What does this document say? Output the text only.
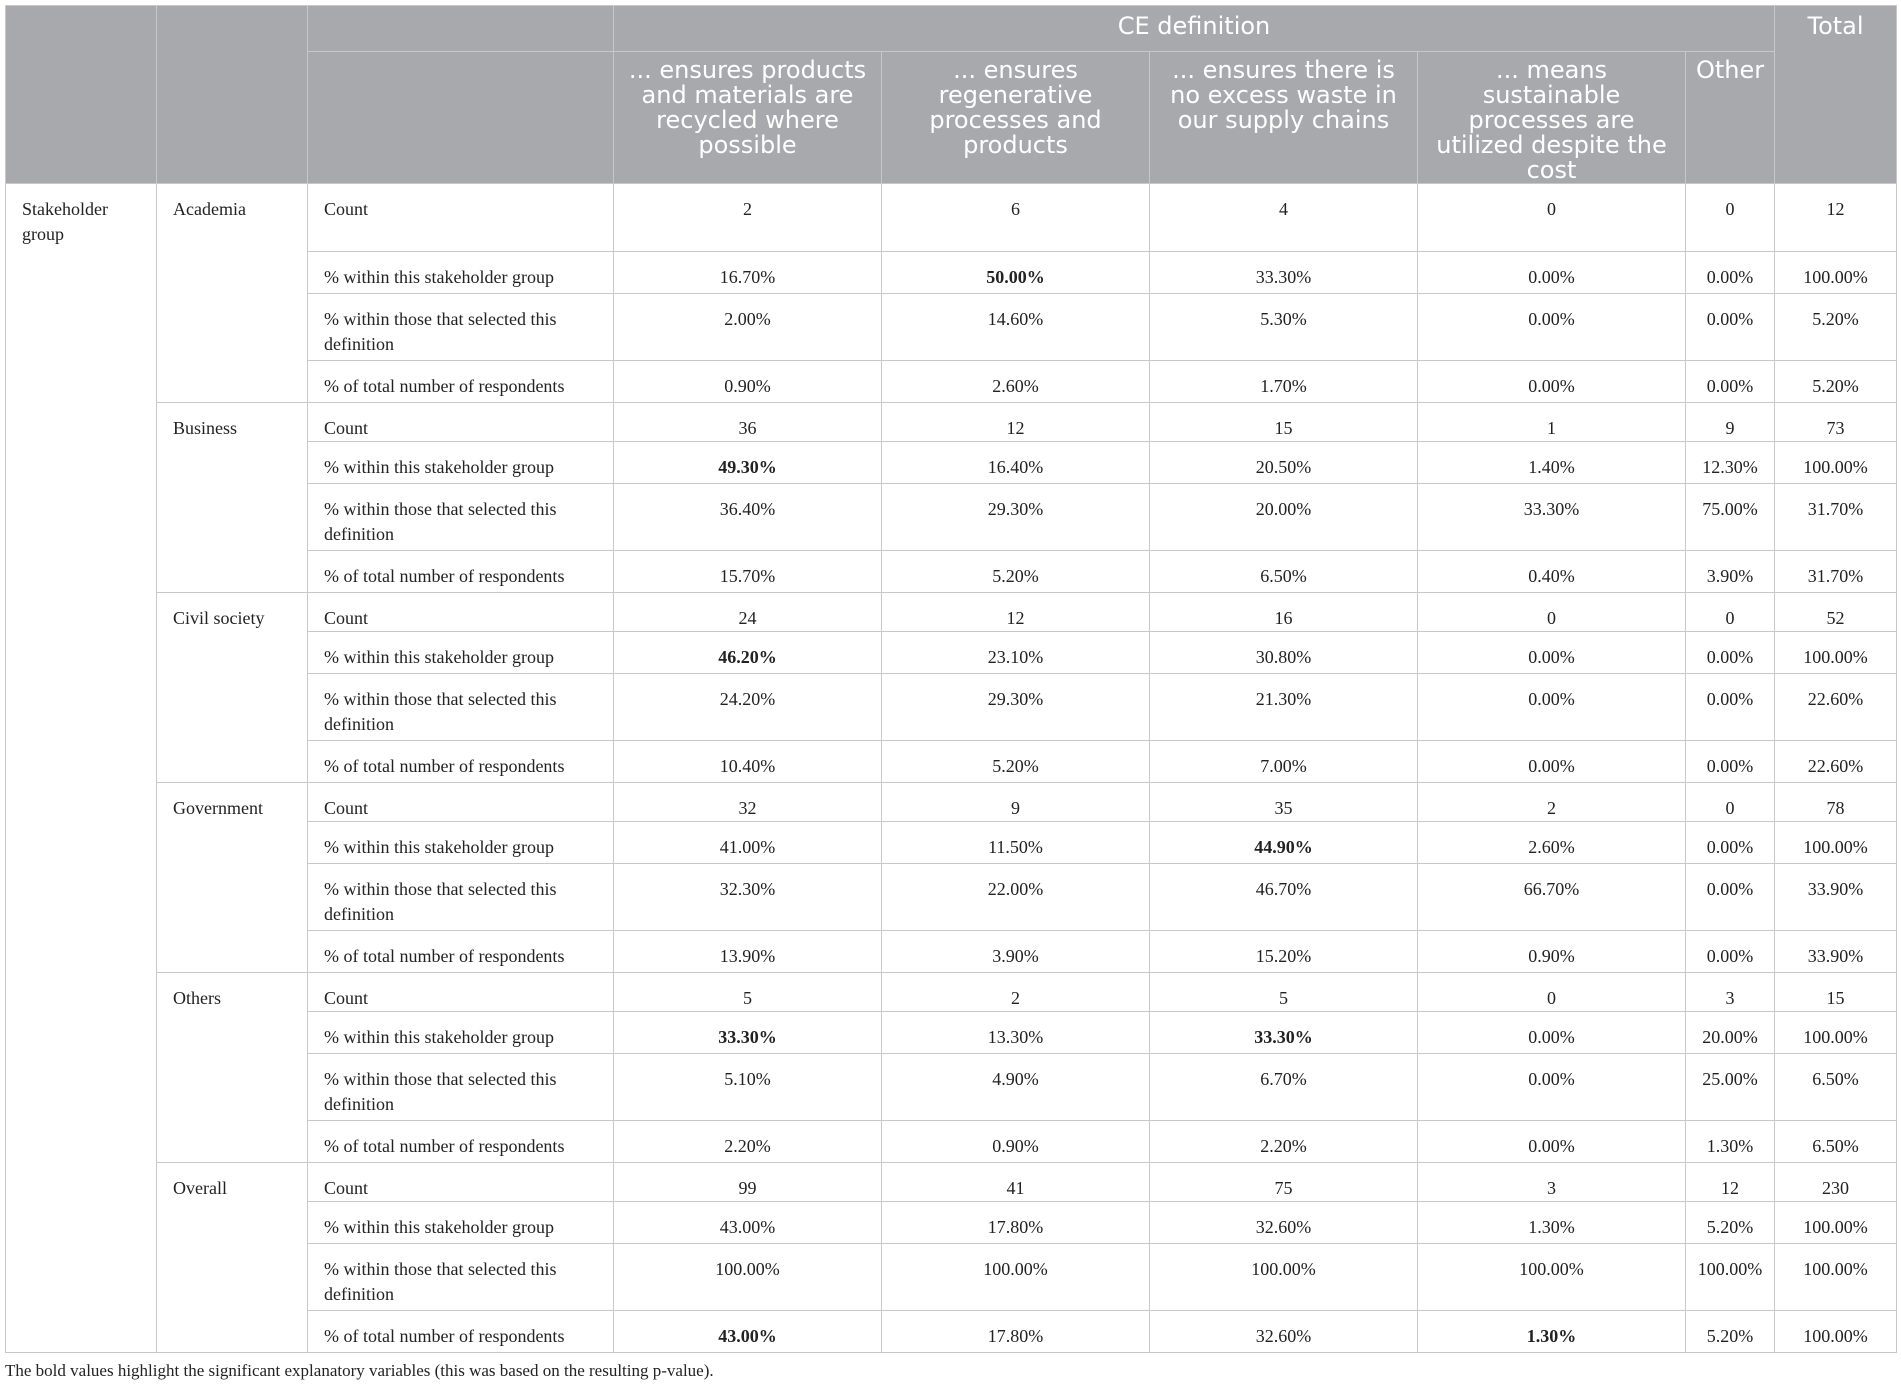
			CE definition					Total
			... ensures products and materials are recycled where possible	... ensures regenerative processes and products	... ensures there is no excess waste in our supply chains	... means sustainable processes are utilized despite the cost	Other	
Stakeholder group	Academia	Count	2	6	4	0	0	12
		% within this stakeholder group	16.70%	50.00%	33.30%	0.00%	0.00%	100.00%
		% within those that selected this definition	2.00%	14.60%	5.30%	0.00%	0.00%	5.20%
		% of total number of respondents	0.90%	2.60%	1.70%	0.00%	0.00%	5.20%
	Business	Count	36	12	15	1	9	73
		% within this stakeholder group	49.30%	16.40%	20.50%	1.40%	12.30%	100.00%
		% within those that selected this definition	36.40%	29.30%	20.00%	33.30%	75.00%	31.70%
		% of total number of respondents	15.70%	5.20%	6.50%	0.40%	3.90%	31.70%
	Civil society	Count	24	12	16	0	0	52
		% within this stakeholder group	46.20%	23.10%	30.80%	0.00%	0.00%	100.00%
		% within those that selected this definition	24.20%	29.30%	21.30%	0.00%	0.00%	22.60%
		% of total number of respondents	10.40%	5.20%	7.00%	0.00%	0.00%	22.60%
	Government	Count	32	9	35	2	0	78
		% within this stakeholder group	41.00%	11.50%	44.90%	2.60%	0.00%	100.00%
		% within those that selected this definition	32.30%	22.00%	46.70%	66.70%	0.00%	33.90%
		% of total number of respondents	13.90%	3.90%	15.20%	0.90%	0.00%	33.90%
	Others	Count	5	2	5	0	3	15
		% within this stakeholder group	33.30%	13.30%	33.30%	0.00%	20.00%	100.00%
		% within those that selected this definition	5.10%	4.90%	6.70%	0.00%	25.00%	6.50%
		% of total number of respondents	2.20%	0.90%	2.20%	0.00%	1.30%	6.50%
	Overall	Count	99	41	75	3	12	230
		% within this stakeholder group	43.00%	17.80%	32.60%	1.30%	5.20%	100.00%
		% within those that selected this definition	100.00%	100.00%	100.00%	100.00%	100.00%	100.00%
		% of total number of respondents	43.00%	17.80%	32.60%	1.30%	5.20%	100.00%
The bold values highlight the significant explanatory variables (this was based on the resulting p-value).
